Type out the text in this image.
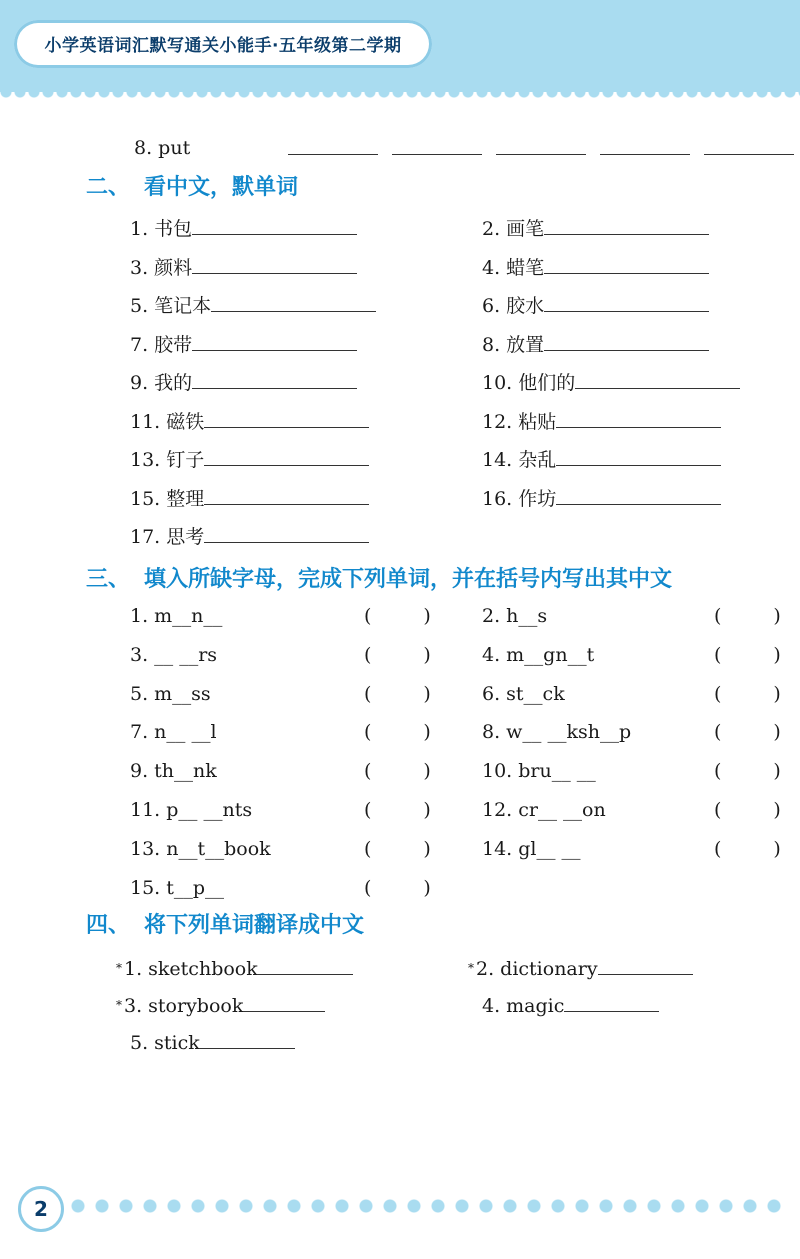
小学英语词汇默写通关小能手·五年级第二学期
8. put

二、 看中文，默单词
1. 书包	2. 画笔
3. 颜料	4. 蜡笔
5. 笔记本	6. 胶水
7. 胶带	8. 放置
9. 我的	10. 他们的
11. 磁铁	12. 粘贴
13. 钉子	14. 杂乱
15. 整理	16. 作坊
17. 思考
三、 填入所缺字母，完成下列单词，并在括号内写出其中文
1. m__n__	(	)	2. h__s	(	)
3. __ __rs	(	)	4. m__gn__t	(	)
5. m__ss	(	)	6. st__ck	(	)
7. n__ __l	(	)	8. w__ __ksh__p	(	)
9. th__nk	(	)	10. bru__ __	(	)
11. p__ __nts	(	)	12. cr__ __on	(	)
13. n__t__book	(	)	14. gl__ __	(	)
15. t__p__	(	)
四、 将下列单词翻译成中文
* 1. sketchbook	* 2. dictionary
* 3. storybook	4. magic
5. stick
2
